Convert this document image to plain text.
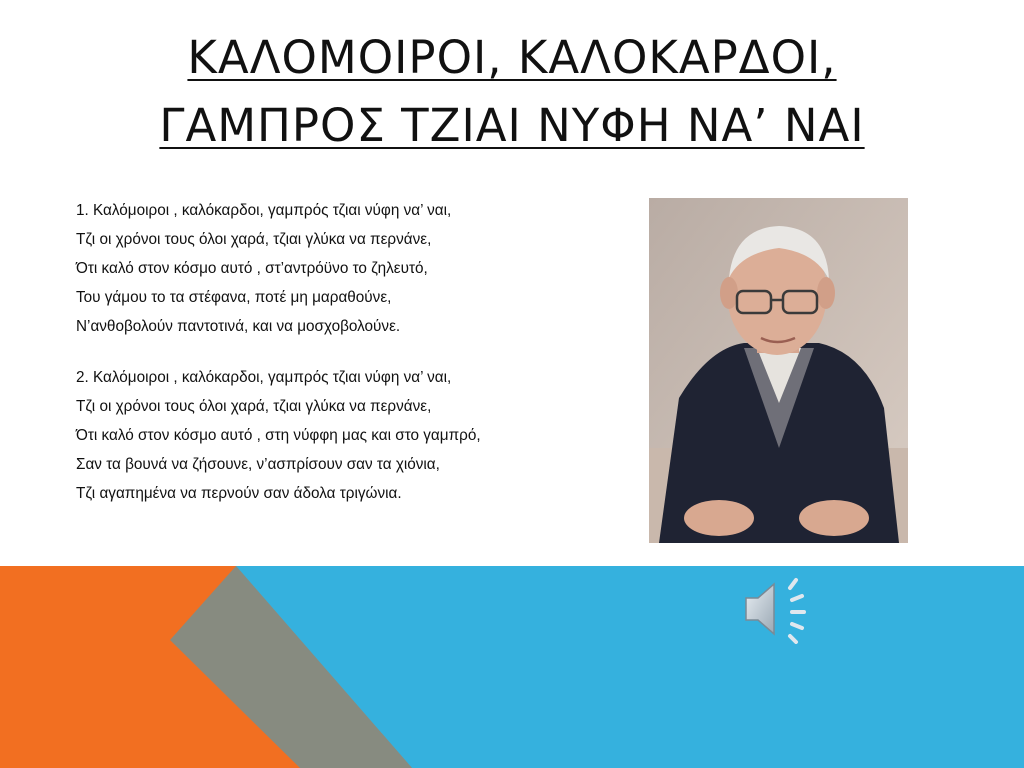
ΚΑΛΟΜΟΙΡΟΙ, ΚΑΛΟΚΑΡΔΟΙ,
ΓΑΜΠΡΟΣ ΤΖΙΑΙ ΝΥΦΗ ΝΑ’ ΝΑΙ

1. Καλόμοιροι , καλόκαρδοι, γαμπρός τζιαι νύφη να’ ναι,

Τζι οι χρόνοι τους όλοι χαρά, τζιαι γλύκα να περνάνε,

Ότι καλό στον κόσμο αυτό , στ’αντρόϋνο το ζηλευτό,

Του γάμου το τα στέφανα, ποτέ μη μαραθούνε,

Ν’ανθοβολούν παντοτινά, και να μοσχοβολούνε.

2. Καλόμοιροι , καλόκαρδοι, γαμπρός τζιαι νύφη να’ ναι,

Τζι οι χρόνοι τους όλοι χαρά, τζιαι γλύκα να περνάνε,

Ότι καλό στον κόσμο αυτό , στη νύφφη μας και στο γαμπρό,

Σαν τα βουνά να ζήσουνε, ν’ασπρίσουν σαν τα χιόνια,

Τζι αγαπημένα να περνούν σαν άδολα τριγώνια.
